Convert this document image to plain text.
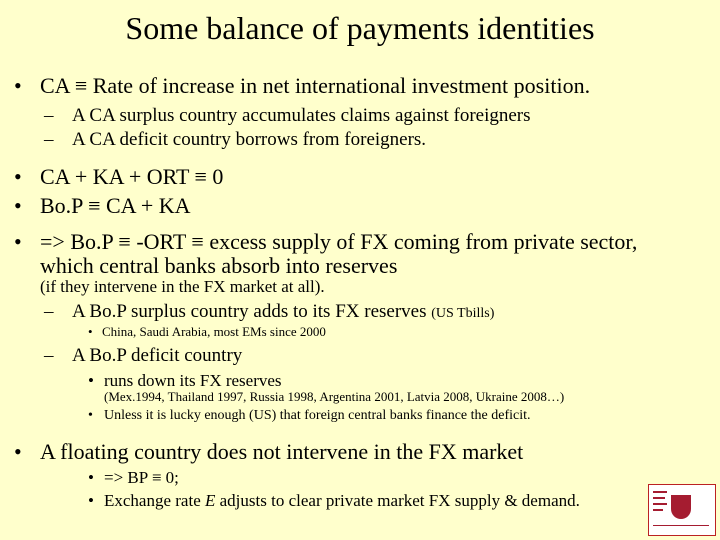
Some balance of payments identities
• CA ≡ Rate of increase in net international investment position.
– A CA surplus country accumulates claims against foreigners
– A CA deficit country borrows from foreigners.
• CA + KA + ORT ≡ 0
• Bo.P ≡ CA + KA
• => Bo.P ≡ -ORT ≡ excess supply of FX coming from private sector,
which central banks absorb into reserves
(if they intervene in the FX market at all).
– A Bo.P surplus country adds to its FX reserves (US Tbills)
• China, Saudi Arabia, most EMs since 2000
– A Bo.P deficit country
• runs down its FX reserves
(Mex.1994, Thailand 1997, Russia 1998, Argentina 2001, Latvia 2008, Ukraine 2008…)
• Unless it is lucky enough (US) that foreign central banks finance the deficit.
• A floating country does not intervene in the FX market
• => BP ≡ 0;
• Exchange rate E adjusts to clear private market FX supply & demand.
